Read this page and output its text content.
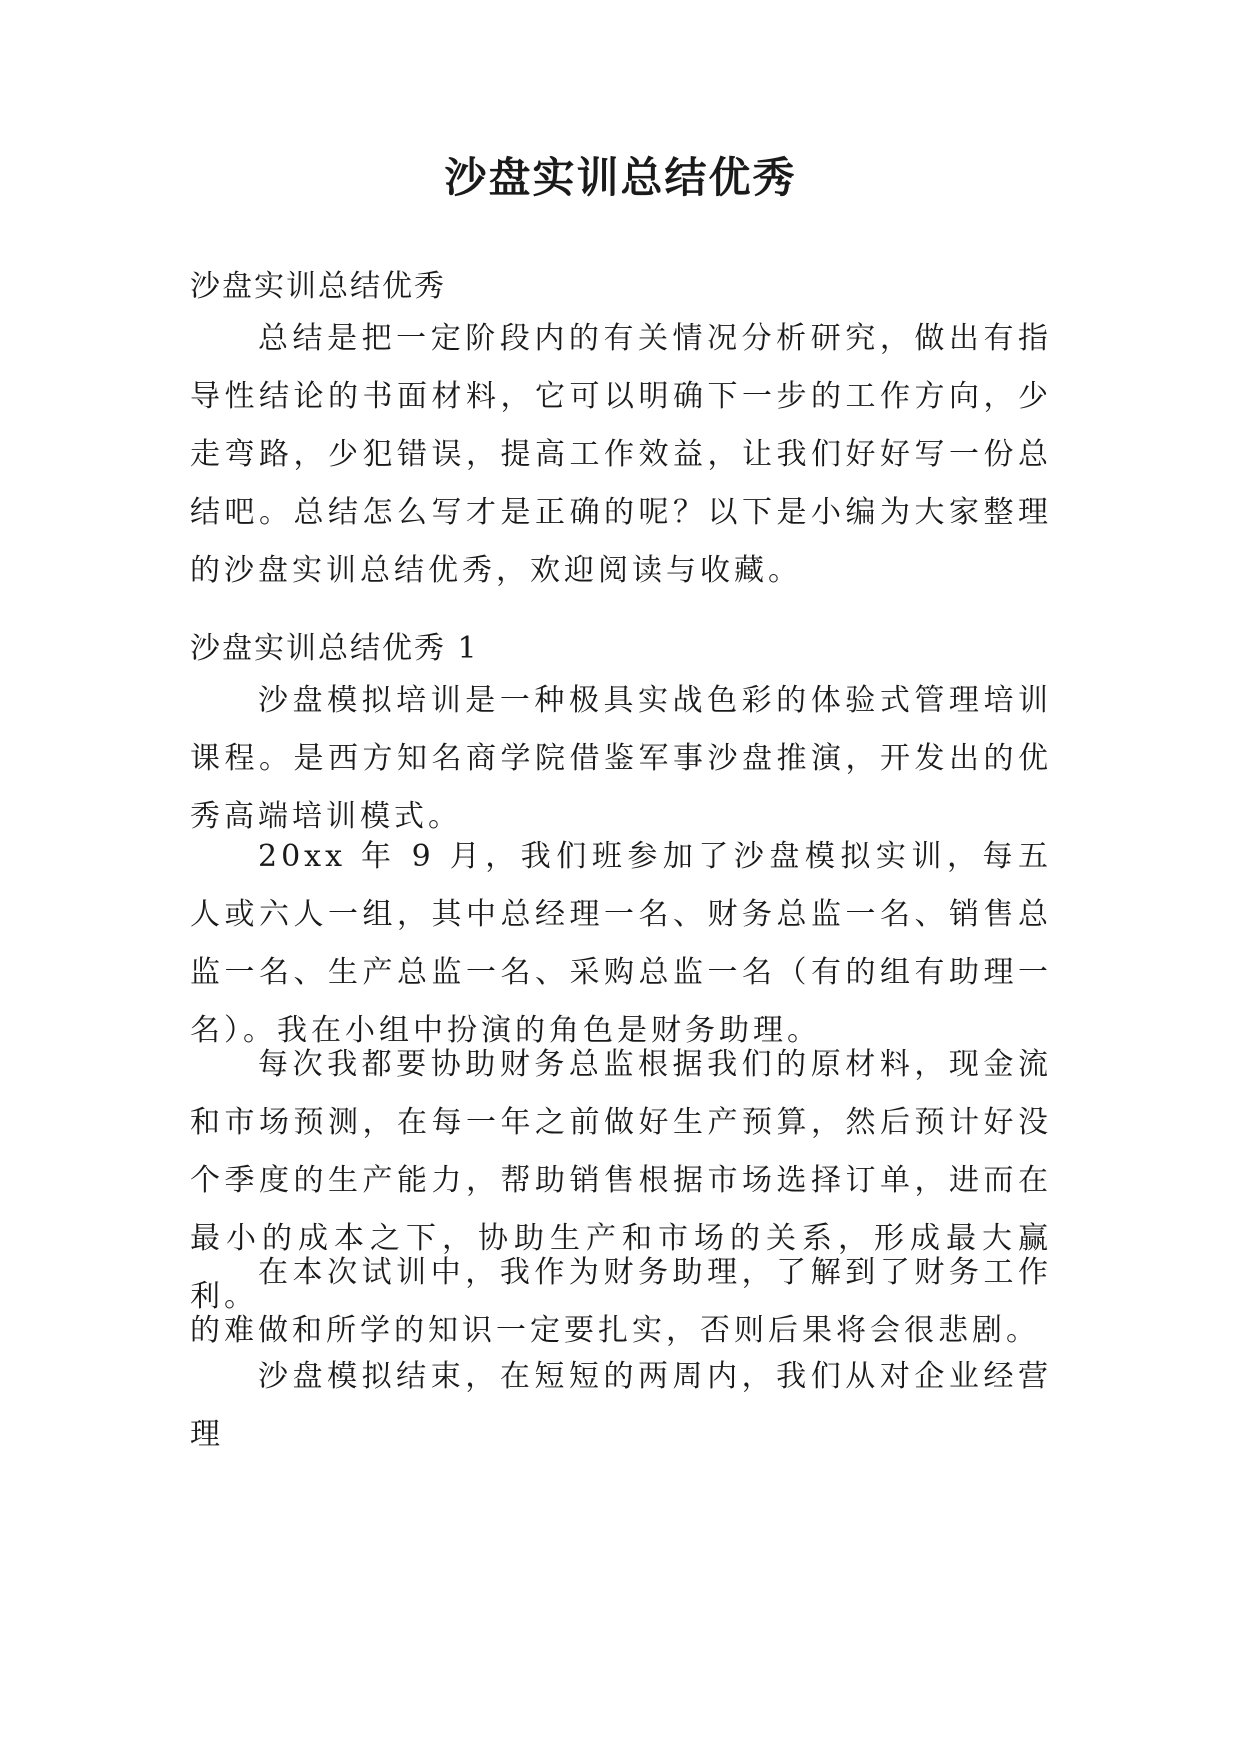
沙盘实训总结优秀

沙盘实训总结优秀

总结是把一定阶段内的有关情况分析研究，做出有指导性结论的书面材料，它可以明确下一步的工作方向，少走弯路，少犯错误，提高工作效益，让我们好好写一份总结吧。总结怎么写才是正确的呢？以下是小编为大家整理的沙盘实训总结优秀，欢迎阅读与收藏。

沙盘实训总结优秀 1

沙盘模拟培训是一种极具实战色彩的体验式管理培训课程。是西方知名商学院借鉴军事沙盘推演，开发出的优秀高端培训模式。

20xx 年 9 月，我们班参加了沙盘模拟实训，每五人或六人一组，其中总经理一名、财务总监一名、销售总监一名、生产总监一名、采购总监一名（有的组有助理一名）。我在小组中扮演的角色是财务助理。

每次我都要协助财务总监根据我们的原材料，现金流和市场预测，在每一年之前做好生产预算，然后预计好没个季度的生产能力，帮助销售根据市场选择订单，进而在最小的成本之下，协助生产和市场的关系，形成最大赢利。

在本次试训中，我作为财务助理，了解到了财务工作的难做和所学的知识一定要扎实，否则后果将会很悲剧。

沙盘模拟结束，在短短的两周内，我们从对企业经营理
